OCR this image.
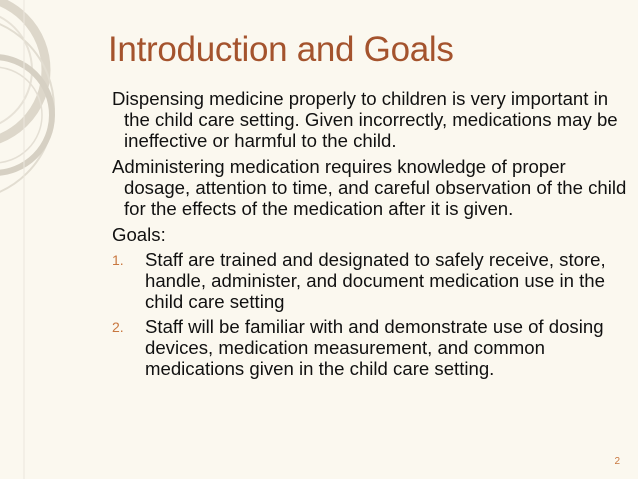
Introduction and Goals

Dispensing medicine properly to children is very important in the child care setting. Given incorrectly, medications may be ineffective or harmful to the child.

Administering medication requires knowledge of proper dosage, attention to time, and careful observation of the child for the effects of the medication after it is given.

Goals:

1. Staff are trained and designated to safely receive, store, handle, administer, and document medication use in the child care setting
2. Staff will be familiar with and demonstrate use of dosing devices, medication measurement, and common medications given in the child care setting.
2
